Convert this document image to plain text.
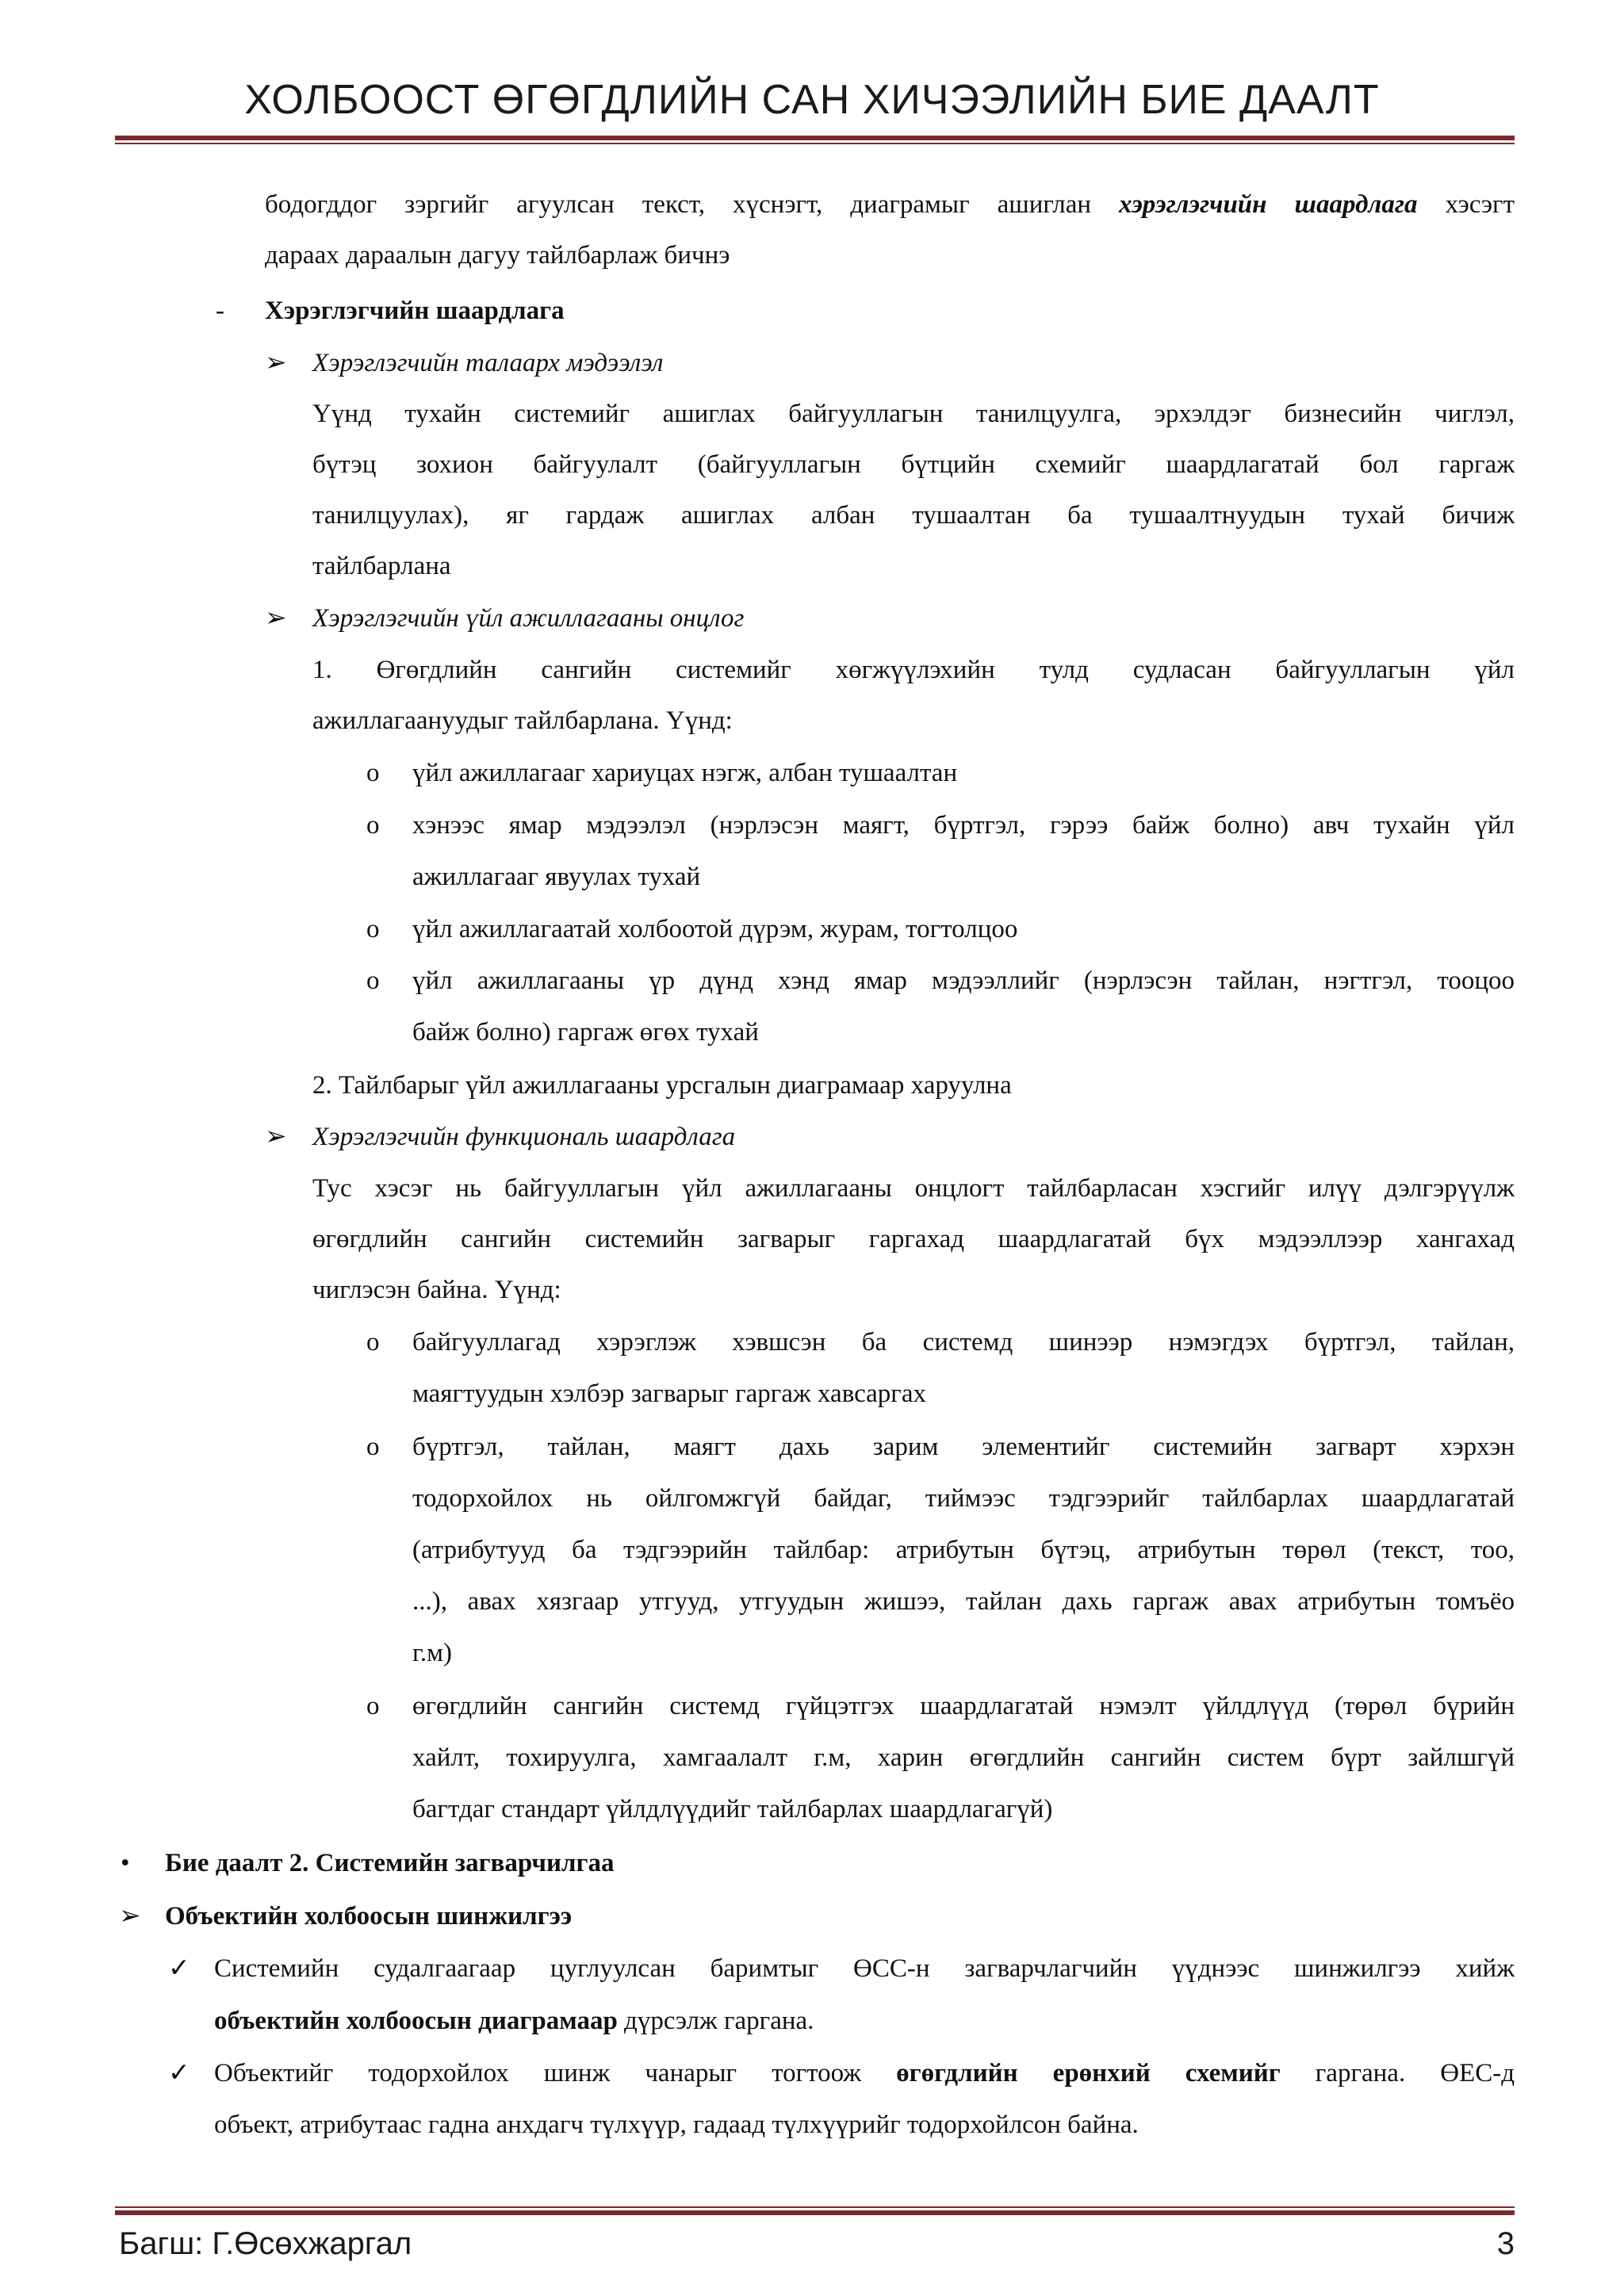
ХОЛБООСТ ӨГӨГДЛИЙН САН ХИЧЭЭЛИЙН БИЕ ДААЛТ
бодогддог зэргийг агуулсан текст, хүснэгт, диаграмыг ашиглан хэрэглэгчийн шаардлага хэсэгт
дараах дараалын дагуу тайлбарлаж бичнэ
- Хэрэглэгчийн шаардлага
➢ Хэрэглэгчийн талаарх мэдээлэл
Үүнд тухайн системийг ашиглах байгууллагын танилцуулга, эрхэлдэг бизнесийн чиглэл,
бүтэц зохион байгуулалт (байгууллагын бүтцийн схемийг шаардлагатай бол гаргаж
танилцуулах), яг гардаж ашиглах албан тушаалтан ба тушаалтнуудын тухай бичиж
тайлбарлана
➢ Хэрэглэгчийн үйл ажиллагааны онцлог
1. Өгөгдлийн сангийн системийг хөгжүүлэхийн тулд судласан байгууллагын үйл
ажиллагаануудыг тайлбарлана. Үүнд:
o үйл ажиллагааг хариуцах нэгж, албан тушаалтан
o хэнээс ямар мэдээлэл (нэрлэсэн маягт, бүртгэл, гэрээ байж болно) авч тухайн үйл
ажиллагааг явуулах тухай
o үйл ажиллагаатай холбоотой дүрэм, журам, тогтолцоо
o үйл ажиллагааны үр дүнд хэнд ямар мэдээллийг (нэрлэсэн тайлан, нэгтгэл, тооцоо
байж болно) гаргаж өгөх тухай
2. Тайлбарыг үйл ажиллагааны урсгалын диаграмаар харуулна
➢ Хэрэглэгчийн функциональ шаардлага
Тус хэсэг нь байгууллагын үйл ажиллагааны онцлогт тайлбарласан хэсгийг илүү дэлгэрүүлж
өгөгдлийн сангийн системийн загварыг гаргахад шаардлагатай бүх мэдээллээр хангахад
чиглэсэн байна. Үүнд:
o байгууллагад хэрэглэж хэвшсэн ба системд шинээр нэмэгдэх бүртгэл, тайлан,
маягтуудын хэлбэр загварыг гаргаж хавсаргах
o бүртгэл, тайлан, маягт дахь зарим элементийг системийн загварт хэрхэн
тодорхойлох нь ойлгомжгүй байдаг, тиймээс тэдгээрийг тайлбарлах шаардлагатай
(атрибутууд ба тэдгээрийн тайлбар: атрибутын бүтэц, атрибутын төрөл (текст, тоо,
...), авах хязгаар утгууд, утгуудын жишээ, тайлан дахь гаргаж авах атрибутын томъёо
г.м)
o өгөгдлийн сангийн системд гүйцэтгэх шаардлагатай нэмэлт үйлдлүүд (төрөл бүрийн
хайлт, тохируулга, хамгаалалт г.м, харин өгөгдлийн сангийн систем бүрт зайлшгүй
багтдаг стандарт үйлдлүүдийг тайлбарлах шаардлагагүй)
• Бие даалт 2. Системийн загварчилгаа
➢ Объектийн холбоосын шинжилгээ
✓ Системийн судалгаагаар цуглуулсан баримтыг ӨСС-н загварчлагчийн үүднээс шинжилгээ хийж
объектийн холбоосын диаграмаар дүрсэлж гаргана.
✓ Объектийг тодорхойлох шинж чанарыг тогтоож өгөгдлийн ерөнхий схемийг гаргана. ӨЕС-д
объект, атрибутаас гадна анхдагч түлхүүр, гадаад түлхүүрийг тодорхойлсон байна.
Багш: Г.Өсөхжаргал	3
